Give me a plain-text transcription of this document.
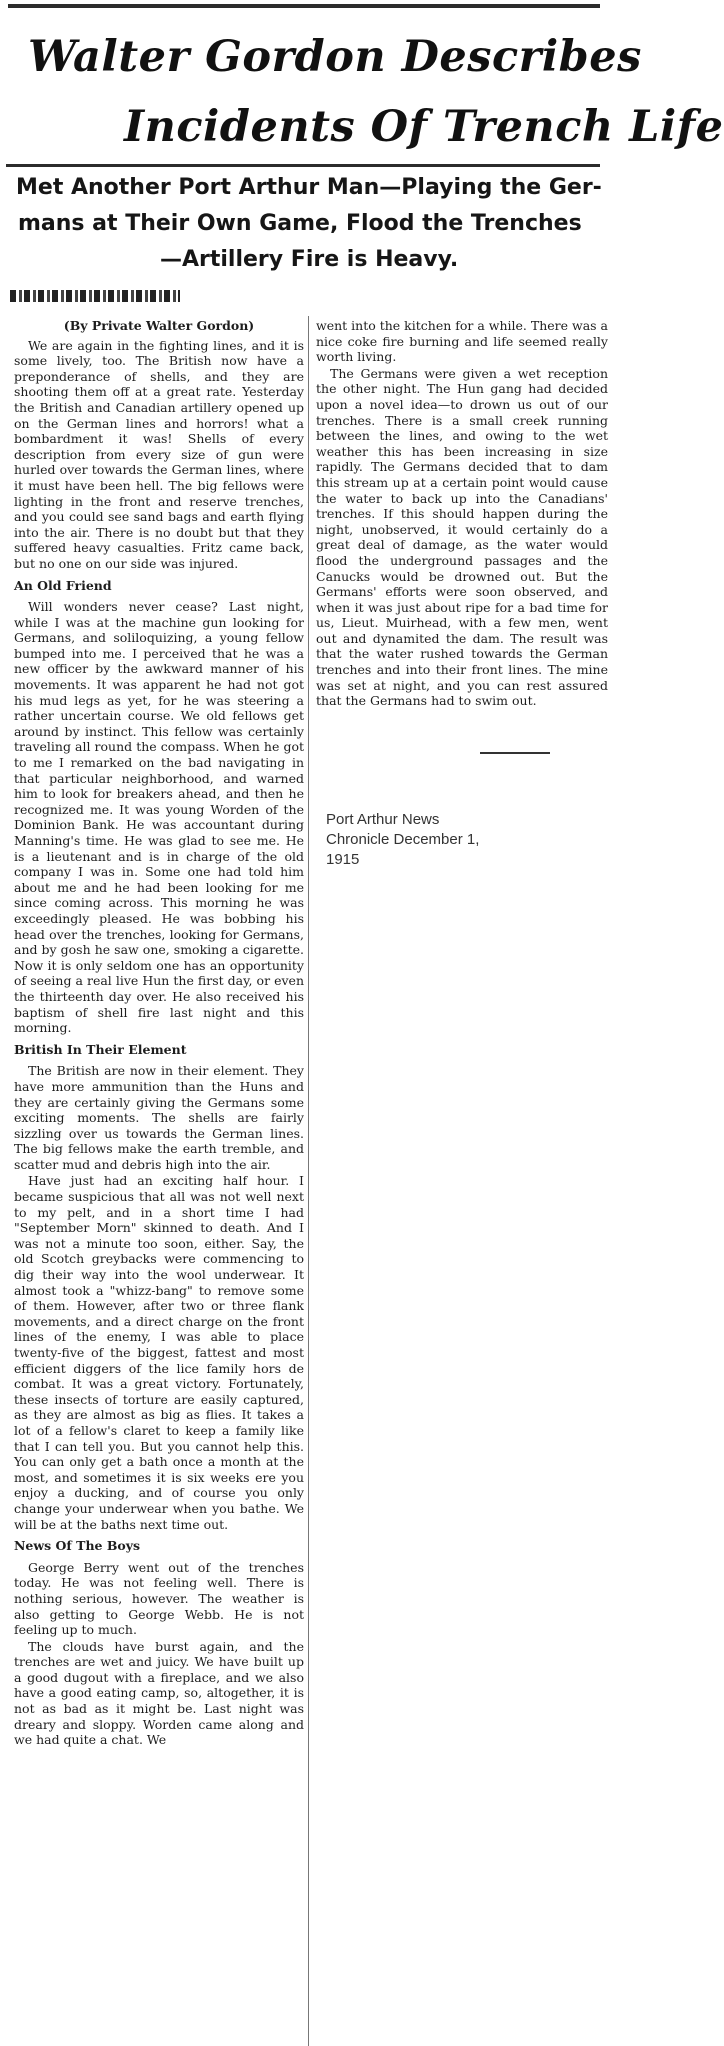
Walter Gordon Describes
Incidents Of Trench Life
Met Another Port Arthur Man—Playing the Ger-
mans at Their Own Game, Flood the Trenches
—Artillery Fire is Heavy.

(By Private Walter Gordon)

We are again in the fighting lines, and it is some lively, too. The British now have a preponderance of shells, and they are shooting them off at a great rate. Yesterday the British and Canadian artillery opened up on the German lines and horrors! what a bombardment it was! Shells of every description from every size of gun were hurled over towards the German lines, where it must have been hell. The big fellows were lighting in the front and reserve trenches, and you could see sand bags and earth flying into the air. There is no doubt but that they suffered heavy casualties. Fritz came back, but no one on our side was injured.

An Old Friend

Will wonders never cease? Last night, while I was at the machine gun looking for Germans, and soliloquizing, a young fellow bumped into me. I perceived that he was a new officer by the awkward manner of his movements. It was apparent he had not got his mud legs as yet, for he was steering a rather uncertain course. We old fellows get around by instinct. This fellow was certainly traveling all round the compass. When he got to me I remarked on the bad navigating in that particular neighborhood, and warned him to look for breakers ahead, and then he recognized me. It was young Worden of the Dominion Bank. He was accountant during Manning's time. He was glad to see me. He is a lieutenant and is in charge of the old company I was in. Some one had told him about me and he had been looking for me since coming across. This morning he was exceedingly pleased. He was bobbing his head over the trenches, looking for Germans, and by gosh he saw one, smoking a cigarette. Now it is only seldom one has an opportunity of seeing a real live Hun the first day, or even the thirteenth day over. He also received his baptism of shell fire last night and this morning.

British In Their Element

The British are now in their element. They have more ammunition than the Huns and they are certainly giving the Germans some exciting moments. The shells are fairly sizzling over us towards the German lines. The big fellows make the earth tremble, and scatter mud and debris high into the air.

Have just had an exciting half hour. I became suspicious that all was not well next to my pelt, and in a short time I had "September Morn" skinned to death. And I was not a minute too soon, either. Say, the old Scotch greybacks were commencing to dig their way into the wool underwear. It almost took a "whizz-bang" to remove some of them. However, after two or three flank movements, and a direct charge on the front lines of the enemy, I was able to place twenty-five of the biggest, fattest and most efficient diggers of the lice family hors de combat. It was a great victory. Fortunately, these insects of torture are easily captured, as they are almost as big as flies. It takes a lot of a fellow's claret to keep a family like that I can tell you. But you cannot help this. You can only get a bath once a month at the most, and sometimes it is six weeks ere you enjoy a ducking, and of course you only change your underwear when you bathe. We will be at the baths next time out.

News Of The Boys

George Berry went out of the trenches today. He was not feeling well. There is nothing serious, however. The weather is also getting to George Webb. He is not feeling up to much.

The clouds have burst again, and the trenches are wet and juicy. We have built up a good dugout with a fireplace, and we also have a good eating camp, so, altogether, it is not as bad as it might be. Last night was dreary and sloppy. Worden came along and we had quite a chat. We

went into the kitchen for a while. There was a nice coke fire burning and life seemed really worth living.

The Germans were given a wet reception the other night. The Hun gang had decided upon a novel idea—to drown us out of our trenches. There is a small creek running between the lines, and owing to the wet weather this has been increasing in size rapidly. The Germans decided that to dam this stream up at a certain point would cause the water to back up into the Canadians' trenches. If this should happen during the night, unobserved, it would certainly do a great deal of damage, as the water would flood the underground passages and the Canucks would be drowned out. But the Germans' efforts were soon observed, and when it was just about ripe for a bad time for us, Lieut. Muirhead, with a few men, went out and dynamited the dam. The result was that the water rushed towards the German trenches and into their front lines. The mine was set at night, and you can rest assured that the Germans had to swim out.

Port Arthur News
Chronicle December 1,
1915
